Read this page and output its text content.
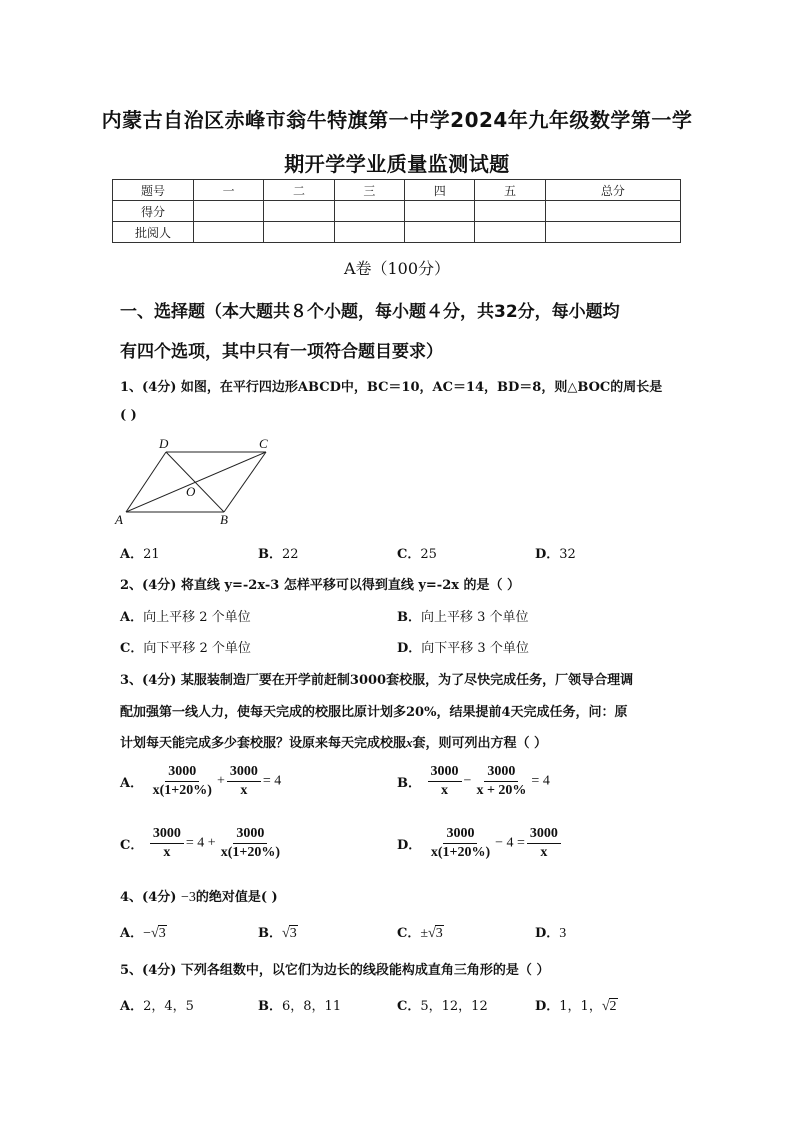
内蒙古自治区赤峰市翁牛特旗第一中学2024年九年级数学第一学
期开学学业质量监测试题
题号	一	二	三	四	五	总分
得分						
批阅人						
A卷（100分）
一、选择题（本大题共８个小题，每小题４分，共32分，每小题均
有四个选项，其中只有一项符合题目要求）
1、(4分) 如图，在平行四边形ABCD中，BC＝10，AC＝14，BD＝8，则△BOC的周长是
( )
A	B
C
D
O
A．21	B．22	C．25	D．32
2、(4分) 将直线 y=-2x-3 怎样平移可以得到直线 y=-2x 的是（ ）
A．向上平移 2 个单位	B．向上平移 3 个单位
C．向下平移 2 个单位	D．向下平移 3 个单位
3、(4分) 某服装制造厂要在开学前赶制3000套校服，为了尽快完成任务，厂领导合理调
配加强第一线人力，使每天完成的校服比原计划多20%，结果提前4天完成任务，问：原
计划每天能完成多少套校服？设原来每天完成校服x套，则可列出方程（ ）
A． $\frac{3000}{x(1+20\%)} + \frac{3000}{x} = 4$	B． $\frac{3000}{x} - \frac{3000}{x + 20\%} = 4$
C． $\frac{3000}{x} = 4 + \frac{3000}{x(1+20\%)}$	D． $\frac{3000}{x(1+20\%)} - 4 = \frac{3000}{x}$
4、(4分) −3的绝对值是( )
A．−√3	B．√3	C．±√3	D．3
5、(4分) 下列各组数中，以它们为边长的线段能构成直角三角形的是（ ）
A．2，4，5	B．6，8，11	C．5，12，12	D．1，1，√2
